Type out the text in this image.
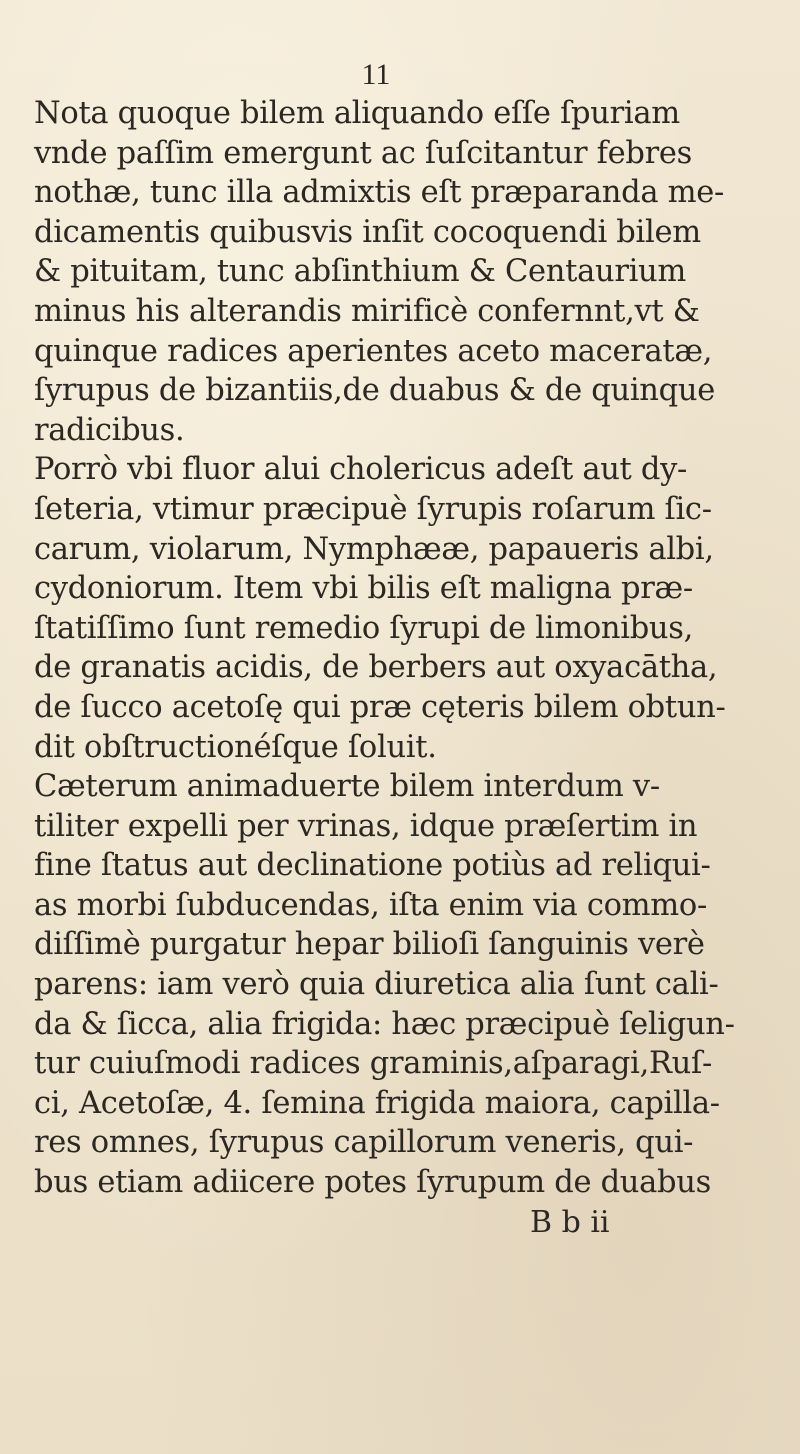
11
Nota quoque bilem aliquando eſſe ſpuriam
vnde paſſim emergunt ac ſuſcitantur febres
nothæ, tunc illa admixtis eſt præparanda me-
dicamentis quibusvis inſit cocoquendi bilem
& pituitam, tunc abſinthium & Centaurium
minus his alterandis mirificè confernnt,vt &
quinque radices aperientes aceto maceratæ,
ſyrupus de bizantiis,de duabus & de quinque
radicibus.
Porrò vbi fluor alui cholericus adeſt aut dy-
ſeteria, vtimur præcipuè ſyrupis roſarum ſic-
carum, violarum, Nymphææ, papaueris albi,
cydoniorum. Item vbi bilis eſt maligna præ-
ſtatiſſimo ſunt remedio ſyrupi de limonibus,
de granatis acidis, de berbers aut oxyacātha,
de ſucco acetoſę qui præ cęteris bilem obtun-
dit obſtructionéſque ſoluit.
Cæterum animaduerte bilem interdum v-
tiliter expelli per vrinas, idque præſertim in
fine ſtatus aut declinatione potiùs ad reliqui-
as morbi ſubducendas, iſta enim via commo-
diſſimè purgatur hepar bilioſi ſanguinis verè
parens: iam verò quia diuretica alia ſunt cali-
da & ſicca, alia frigida: hæc præcipuè ſeligun-
tur cuiuſmodi radices graminis,aſparagi,Ruſ-
ci, Acetoſæ, 4. ſemina frigida maiora, capilla-
res omnes, ſyrupus capillorum veneris, qui-
bus etiam adiicere potes ſyrupum de duabus
B b ii
